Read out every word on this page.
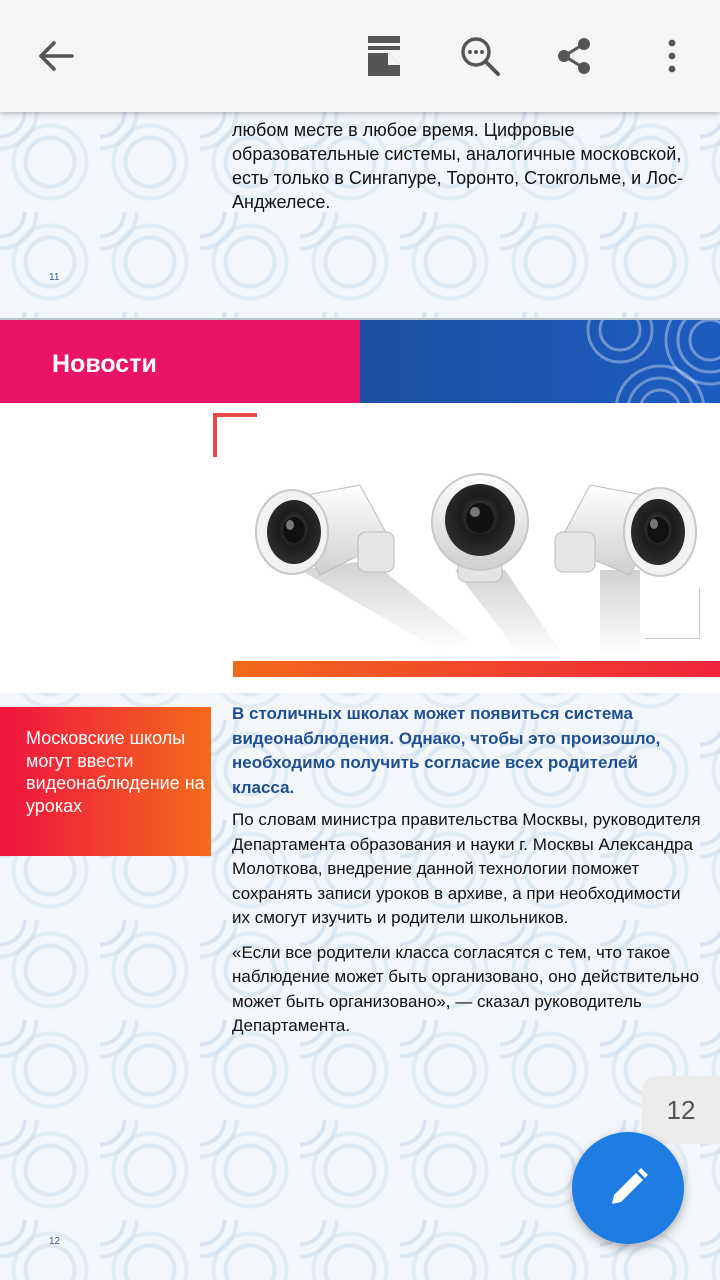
любом месте в любое время. Цифровые образовательные системы, аналогичные московской, есть только в Сингапуре, Торонто, Стокгольме, и Лос-Анджелесе.
11
Новости
Московские школы могут ввести видеонаблюдение на уроках

В столичных школах может появиться система видеонаблюдения. Однако, чтобы это произошло, необходимо получить согласие всех родителей класса.

По словам министра правительства Москвы, руководителя Департамента образования и науки г. Москвы Александра Молоткова, внедрение данной технологии поможет сохранять записи уроков в архиве, а при необходимости их смогут изучить и родители школьников.

«Если все родители класса согласятся с тем, что такое наблюдение может быть организовано, оно действительно может быть организовано», — сказал руководитель Департамента.

12
12
